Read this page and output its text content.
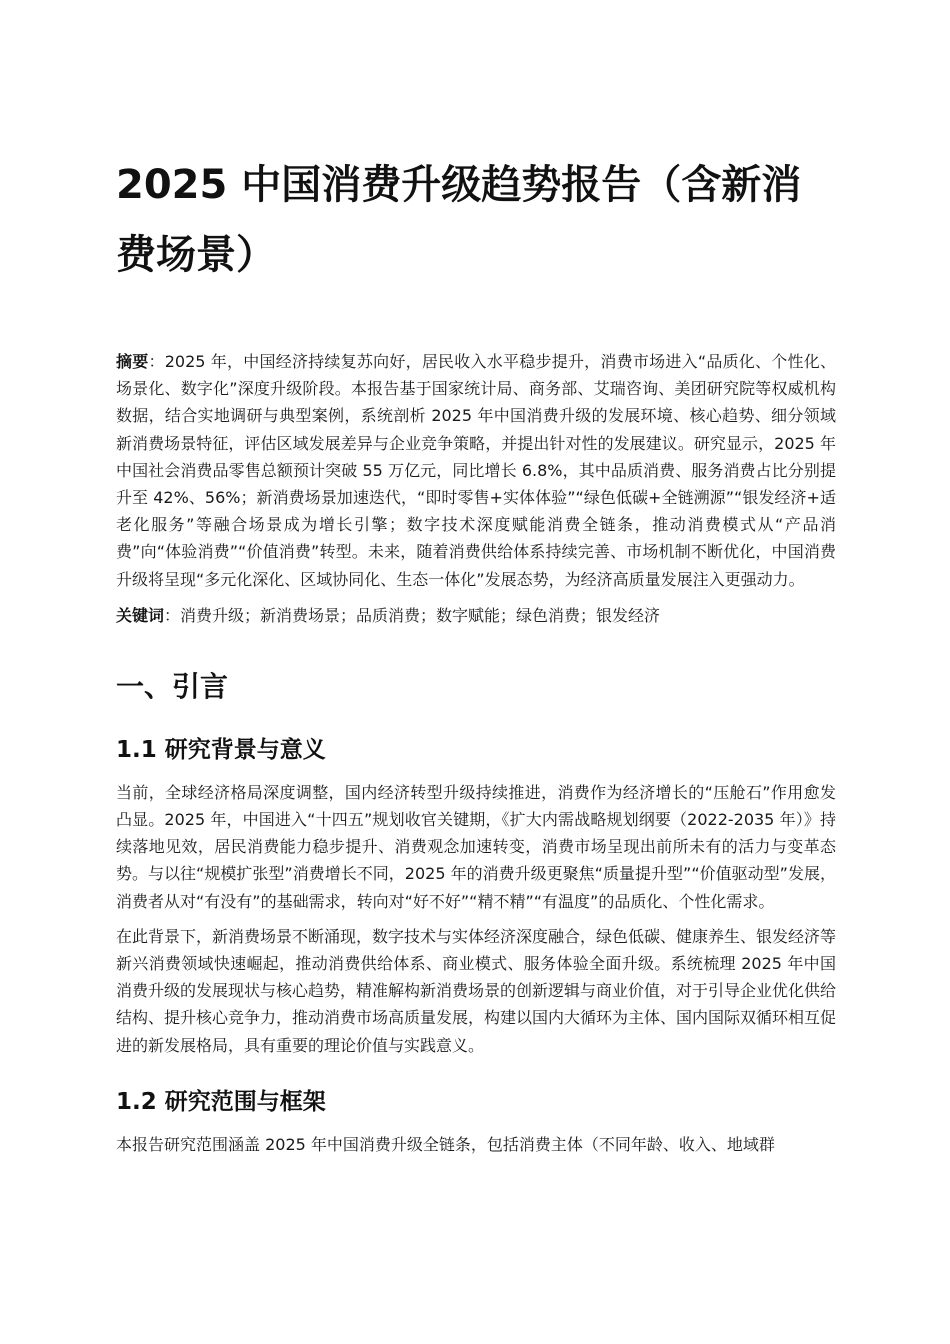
2025 中国消费升级趋势报告（含新消费场景）

摘要：2025 年，中国经济持续复苏向好，居民收入水平稳步提升，消费市场进入“品质化、个性化、场景化、数字化”深度升级阶段。本报告基于国家统计局、商务部、艾瑞咨询、美团研究院等权威机构数据，结合实地调研与典型案例，系统剖析 2025 年中国消费升级的发展环境、核心趋势、细分领域新消费场景特征，评估区域发展差异与企业竞争策略，并提出针对性的发展建议。研究显示，2025 年中国社会消费品零售总额预计突破 55 万亿元，同比增长 6.8%，其中品质消费、服务消费占比分别提升至 42%、56%；新消费场景加速迭代，“即时零售+实体体验”“绿色低碳+全链溯源”“银发经济+适老化服务”等融合场景成为增长引擎；数字技术深度赋能消费全链条，推动消费模式从“产品消费”向“体验消费”“价值消费”转型。未来，随着消费供给体系持续完善、市场机制不断优化，中国消费升级将呈现“多元化深化、区域协同化、生态一体化”发展态势，为经济高质量发展注入更强动力。

关键词：消费升级；新消费场景；品质消费；数字赋能；绿色消费；银发经济

一、引言
1.1 研究背景与意义

当前，全球经济格局深度调整，国内经济转型升级持续推进，消费作为经济增长的“压舱石”作用愈发凸显。2025 年，中国进入“十四五”规划收官关键期，《扩大内需战略规划纲要（2022-2035 年）》持续落地见效，居民消费能力稳步提升、消费观念加速转变，消费市场呈现出前所未有的活力与变革态势。与以往“规模扩张型”消费增长不同，2025 年的消费升级更聚焦“质量提升型”“价值驱动型”发展，消费者从对“有没有”的基础需求，转向对“好不好”“精不精”“有温度”的品质化、个性化需求。

在此背景下，新消费场景不断涌现，数字技术与实体经济深度融合，绿色低碳、健康养生、银发经济等新兴消费领域快速崛起，推动消费供给体系、商业模式、服务体验全面升级。系统梳理 2025 年中国消费升级的发展现状与核心趋势，精准解构新消费场景的创新逻辑与商业价值，对于引导企业优化供给结构、提升核心竞争力，推动消费市场高质量发展，构建以国内大循环为主体、国内国际双循环相互促进的新发展格局，具有重要的理论价值与实践意义。

1.2 研究范围与框架

本报告研究范围涵盖 2025 年中国消费升级全链条，包括消费主体（不同年龄、收入、地域群
